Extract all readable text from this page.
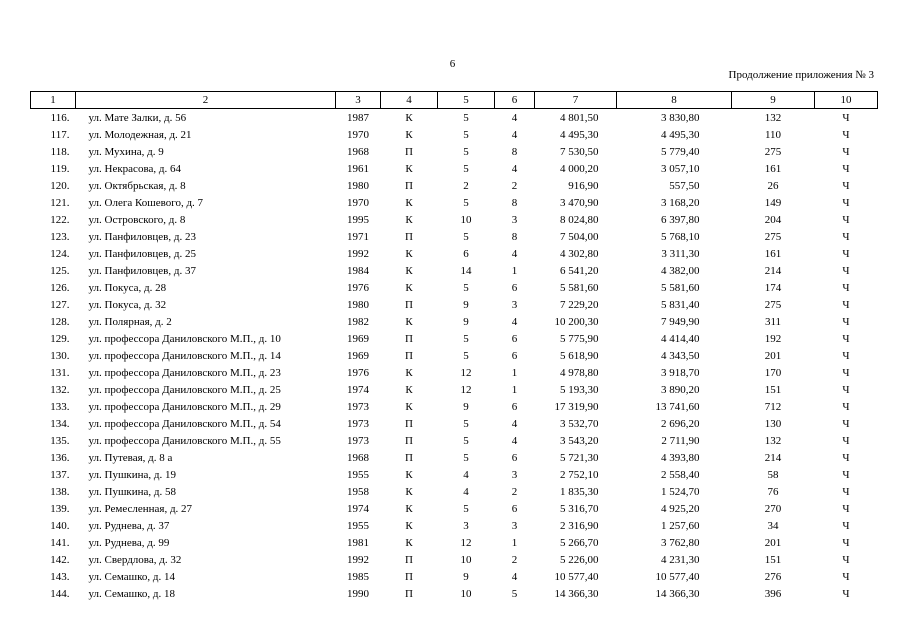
6
Продолжение приложения № 3
1	2	3	4	5	6	7	8	9	10
116.	ул. Мате Залки, д. 56	1987	К	5	4	4 801,50	3 830,80	132	Ч
117.	ул. Молодежная, д. 21	1970	К	5	4	4 495,30	4 495,30	110	Ч
118.	ул. Мухина, д. 9	1968	П	5	8	7 530,50	5 779,40	275	Ч
119.	ул. Некрасова, д. 64	1961	К	5	4	4 000,20	3 057,10	161	Ч
120.	ул. Октябрьская, д. 8	1980	П	2	2	916,90	557,50	26	Ч
121.	ул. Олега Кошевого, д. 7	1970	К	5	8	3 470,90	3 168,20	149	Ч
122.	ул. Островского, д. 8	1995	К	10	3	8 024,80	6 397,80	204	Ч
123.	ул. Панфиловцев, д. 23	1971	П	5	8	7 504,00	5 768,10	275	Ч
124.	ул. Панфиловцев, д. 25	1992	К	6	4	4 302,80	3 311,30	161	Ч
125.	ул. Панфиловцев, д. 37	1984	К	14	1	6 541,20	4 382,00	214	Ч
126.	ул. Покуса, д. 28	1976	К	5	6	5 581,60	5 581,60	174	Ч
127.	ул. Покуса, д. 32	1980	П	9	3	7 229,20	5 831,40	275	Ч
128.	ул. Полярная, д. 2	1982	К	9	4	10 200,30	7 949,90	311	Ч
129.	ул. профессора Даниловского М.П., д. 10	1969	П	5	6	5 775,90	4 414,40	192	Ч
130.	ул. профессора Даниловского М.П., д. 14	1969	П	5	6	5 618,90	4 343,50	201	Ч
131.	ул. профессора Даниловского М.П., д. 23	1976	К	12	1	4 978,80	3 918,70	170	Ч
132.	ул. профессора Даниловского М.П., д. 25	1974	К	12	1	5 193,30	3 890,20	151	Ч
133.	ул. профессора Даниловского М.П., д. 29	1973	К	9	6	17 319,90	13 741,60	712	Ч
134.	ул. профессора Даниловского М.П., д. 54	1973	П	5	4	3 532,70	2 696,20	130	Ч
135.	ул. профессора Даниловского М.П., д. 55	1973	П	5	4	3 543,20	2 711,90	132	Ч
136.	ул. Путевая, д. 8 а	1968	П	5	6	5 721,30	4 393,80	214	Ч
137.	ул. Пушкина, д. 19	1955	К	4	3	2 752,10	2 558,40	58	Ч
138.	ул. Пушкина, д. 58	1958	К	4	2	1 835,30	1 524,70	76	Ч
139.	ул. Ремесленная, д. 27	1974	К	5	6	5 316,70	4 925,20	270	Ч
140.	ул. Руднева, д. 37	1955	К	3	3	2 316,90	1 257,60	34	Ч
141.	ул. Руднева, д. 99	1981	К	12	1	5 266,70	3 762,80	201	Ч
142.	ул. Свердлова, д. 32	1992	П	10	2	5 226,00	4 231,30	151	Ч
143.	ул. Семашко, д. 14	1985	П	9	4	10 577,40	10 577,40	276	Ч
144.	ул. Семашко, д. 18	1990	П	10	5	14 366,30	14 366,30	396	Ч
